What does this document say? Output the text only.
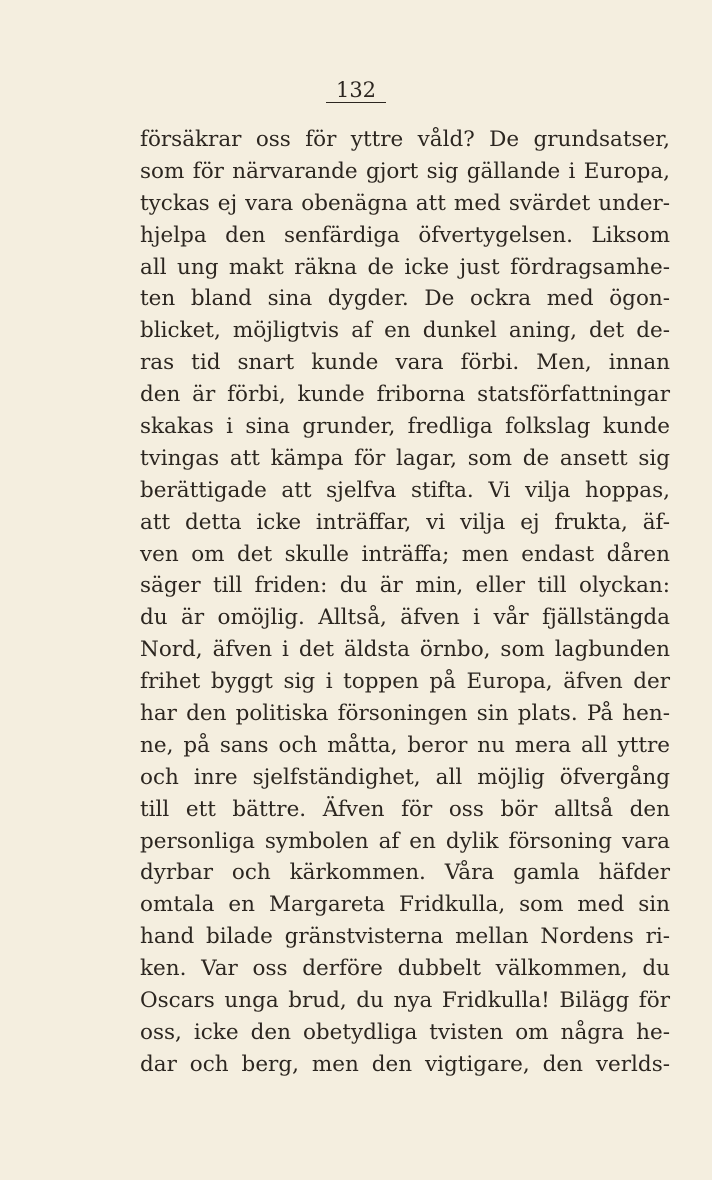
132
försäkrar oss för yttre våld? De grundsatser,
som för närvarande gjort sig gällande i Europa,
tyckas ej vara obenägna att med svärdet under-
hjelpa den senfärdiga öfvertygelsen. Liksom
all ung makt räkna de icke just fördragsamhe-
ten bland sina dygder. De ockra med ögon-
blicket, möjligtvis af en dunkel aning, det de-
ras tid snart kunde vara förbi. Men, innan
den är förbi, kunde friborna statsförfattningar
skakas i sina grunder, fredliga folkslag kunde
tvingas att kämpa för lagar, som de ansett sig
berättigade att sjelfva stifta. Vi vilja hoppas,
att detta icke inträffar, vi vilja ej frukta, äf-
ven om det skulle inträffa; men endast dåren
säger till friden: du är min, eller till olyckan:
du är omöjlig. Alltså, äfven i vår fjällstängda
Nord, äfven i det äldsta örnbo, som lagbunden
frihet byggt sig i toppen på Europa, äfven der
har den politiska försoningen sin plats. På hen-
ne, på sans och måtta, beror nu mera all yttre
och inre sjelfständighet, all möjlig öfvergång
till ett bättre. Äfven för oss bör alltså den
personliga symbolen af en dylik försoning vara
dyrbar och kärkommen. Våra gamla häfder
omtala en Margareta Fridkulla, som med sin
hand bilade gränstvisterna mellan Nordens ri-
ken. Var oss derföre dubbelt välkommen, du
Oscars unga brud, du nya Fridkulla! Bilägg för
oss, icke den obetydliga tvisten om några he-
dar och berg, men den vigtigare, den verlds-
